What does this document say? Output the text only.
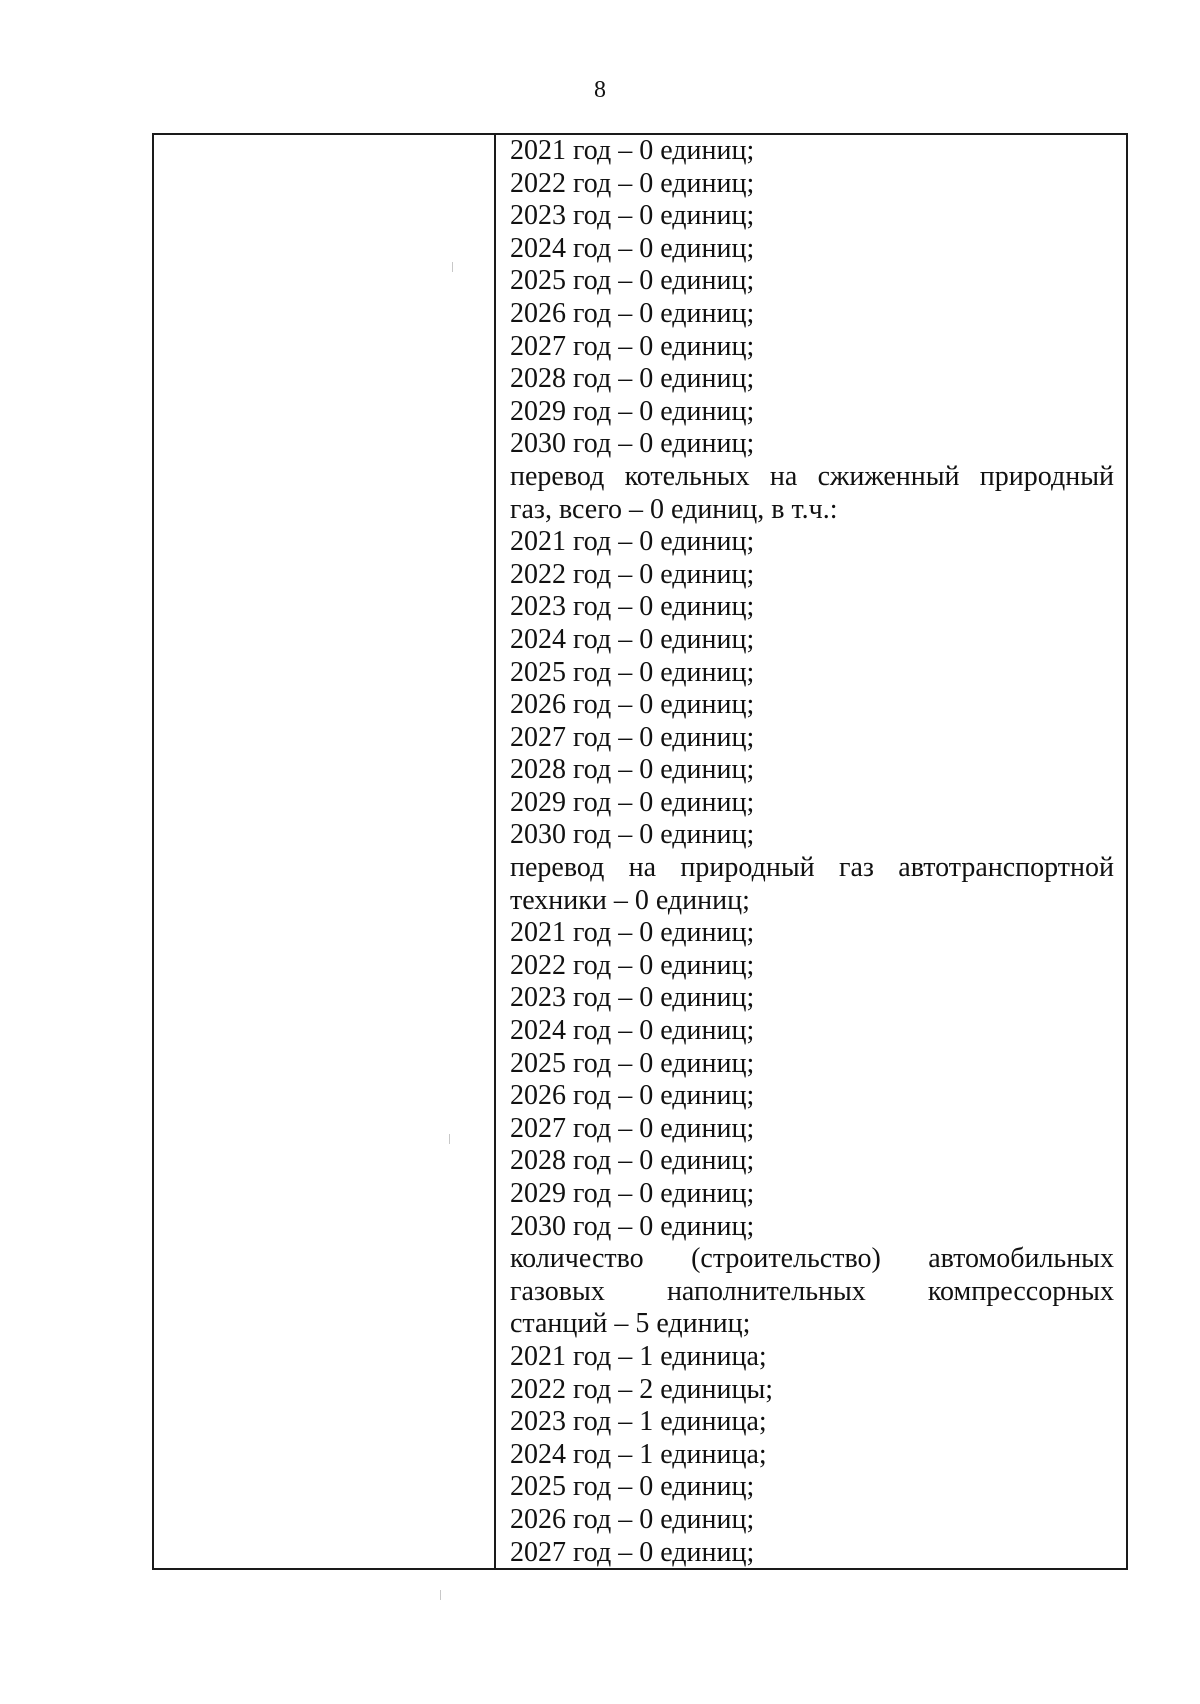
8
2021 год – 0 единиц;
2022 год – 0 единиц;
2023 год – 0 единиц;
2024 год – 0 единиц;
2025 год – 0 единиц;
2026 год – 0 единиц;
2027 год – 0 единиц;
2028 год – 0 единиц;
2029 год – 0 единиц;
2030 год – 0 единиц;
перевод котельных на сжиженный природный
газ, всего – 0 единиц, в т.ч.:
2021 год – 0 единиц;
2022 год – 0 единиц;
2023 год – 0 единиц;
2024 год – 0 единиц;
2025 год – 0 единиц;
2026 год – 0 единиц;
2027 год – 0 единиц;
2028 год – 0 единиц;
2029 год – 0 единиц;
2030 год – 0 единиц;
перевод на природный газ автотранспортной
техники – 0 единиц;
2021 год – 0 единиц;
2022 год – 0 единиц;
2023 год – 0 единиц;
2024 год – 0 единиц;
2025 год – 0 единиц;
2026 год – 0 единиц;
2027 год – 0 единиц;
2028 год – 0 единиц;
2029 год – 0 единиц;
2030 год – 0 единиц;
количество (строительство) автомобильных
газовых наполнительных компрессорных
станций – 5 единиц;
2021 год – 1 единица;
2022 год – 2 единицы;
2023 год – 1 единица;
2024 год – 1 единица;
2025 год – 0 единиц;
2026 год – 0 единиц;
2027 год – 0 единиц;
